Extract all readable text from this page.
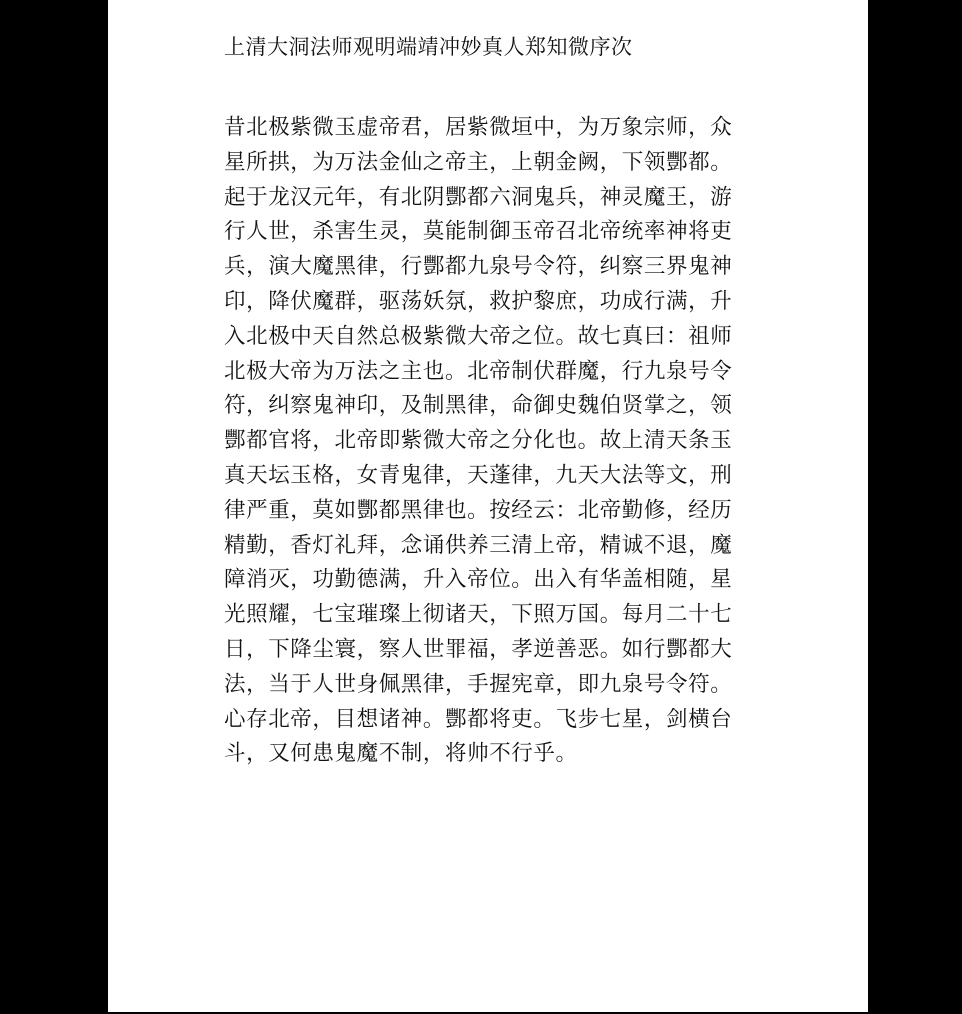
上清大洞法师观明端靖冲妙真人郑知微序次
昔北极紫微玉虚帝君，居紫微垣中，为万象宗师，众
星所拱，为万法金仙之帝主，上朝金阙，下领酆都。
起于龙汉元年，有北阴酆都六洞鬼兵，神灵魔王，游
行人世，杀害生灵，莫能制御玉帝召北帝统率神将吏
兵，演大魔黑律，行酆都九泉号令符，纠察三界鬼神
印，降伏魔群，驱荡妖氛，救护黎庶，功成行满，升
入北极中天自然总极紫微大帝之位。故七真曰：祖师
北极大帝为万法之主也。北帝制伏群魔，行九泉号令
符，纠察鬼神印，及制黑律，命御史魏伯贤掌之，领
酆都官将，北帝即紫微大帝之分化也。故上清天条玉
真天坛玉格，女青鬼律，天蓬律，九天大法等文，刑
律严重，莫如酆都黑律也。按经云：北帝勤修，经历
精勤，香灯礼拜，念诵供养三清上帝，精诚不退，魔
障消灭，功勤德满，升入帝位。出入有华盖相随，星
光照耀，七宝璀璨上彻诸天，下照万国。每月二十七
日，下降尘寰，察人世罪福，孝逆善恶。如行酆都大
法，当于人世身佩黑律，手握宪章，即九泉号令符。
心存北帝，目想诸神。酆都将吏。飞步七星，剑横台
斗，又何患鬼魔不制，将帅不行乎。
